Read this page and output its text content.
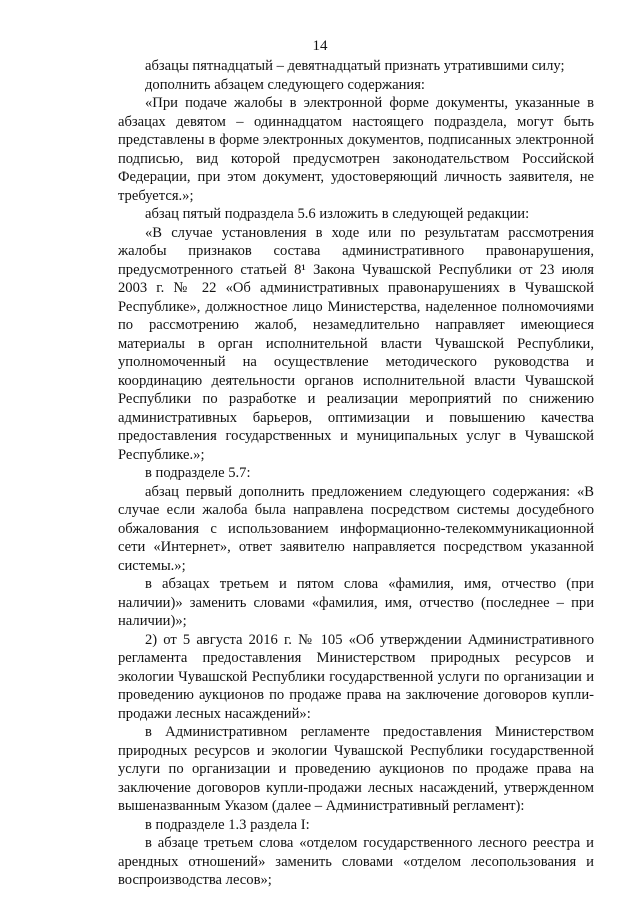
14

абзацы пятнадцатый – девятнадцатый признать утратившими силу;

дополнить абзацем следующего содержания:

«При подаче жалобы в электронной форме документы, указанные в абзацах девятом – одиннадцатом настоящего подраздела, могут быть представлены в форме электронных документов, подписанных электронной подписью, вид которой предусмотрен законодательством Российской Федерации, при этом документ, удостоверяющий личность заявителя, не требуется.»;

абзац пятый подраздела 5.6 изложить в следующей редакции:

«В случае установления в ходе или по результатам рассмотрения жалобы признаков состава административного правонарушения, предусмотренного статьей 8¹ Закона Чувашской Республики от 23 июля 2003 г. № 22 «Об административных правонарушениях в Чувашской Республике», должностное лицо Министерства, наделенное полномочиями по рассмотрению жалоб, незамедлительно направляет имеющиеся материалы в орган исполнительной власти Чувашской Республики, уполномоченный на осуществление методического руководства и координацию деятельности органов исполнительной власти Чувашской Республики по разработке и реализации мероприятий по снижению административных барьеров, оптимизации и повышению качества предоставления государственных и муниципальных услуг в Чувашской Республике.»;

в подразделе 5.7:

абзац первый дополнить предложением следующего содержания: «В случае если жалоба была направлена посредством системы досудебного обжалования с использованием информационно-телекоммуникационной сети «Интернет», ответ заявителю направляется посредством указанной системы.»;

в абзацах третьем и пятом слова «фамилия, имя, отчество (при наличии)» заменить словами «фамилия, имя, отчество (последнее – при наличии)»;

2) от 5 августа 2016 г. № 105 «Об утверждении Административного регламента предоставления Министерством природных ресурсов и экологии Чувашской Республики государственной услуги по организации и проведению аукционов по продаже права на заключение договоров купли-продажи лесных насаждений»:

в Административном регламенте предоставления Министерством природных ресурсов и экологии Чувашской Республики государственной услуги по организации и проведению аукционов по продаже права на заключение договоров купли-продажи лесных насаждений, утвержденном вышеназванным Указом (далее – Административный регламент):

в подразделе 1.3 раздела I:

в абзаце третьем слова «отделом государственного лесного реестра и арендных отношений» заменить словами «отделом лесопользования и воспроизводства лесов»;
